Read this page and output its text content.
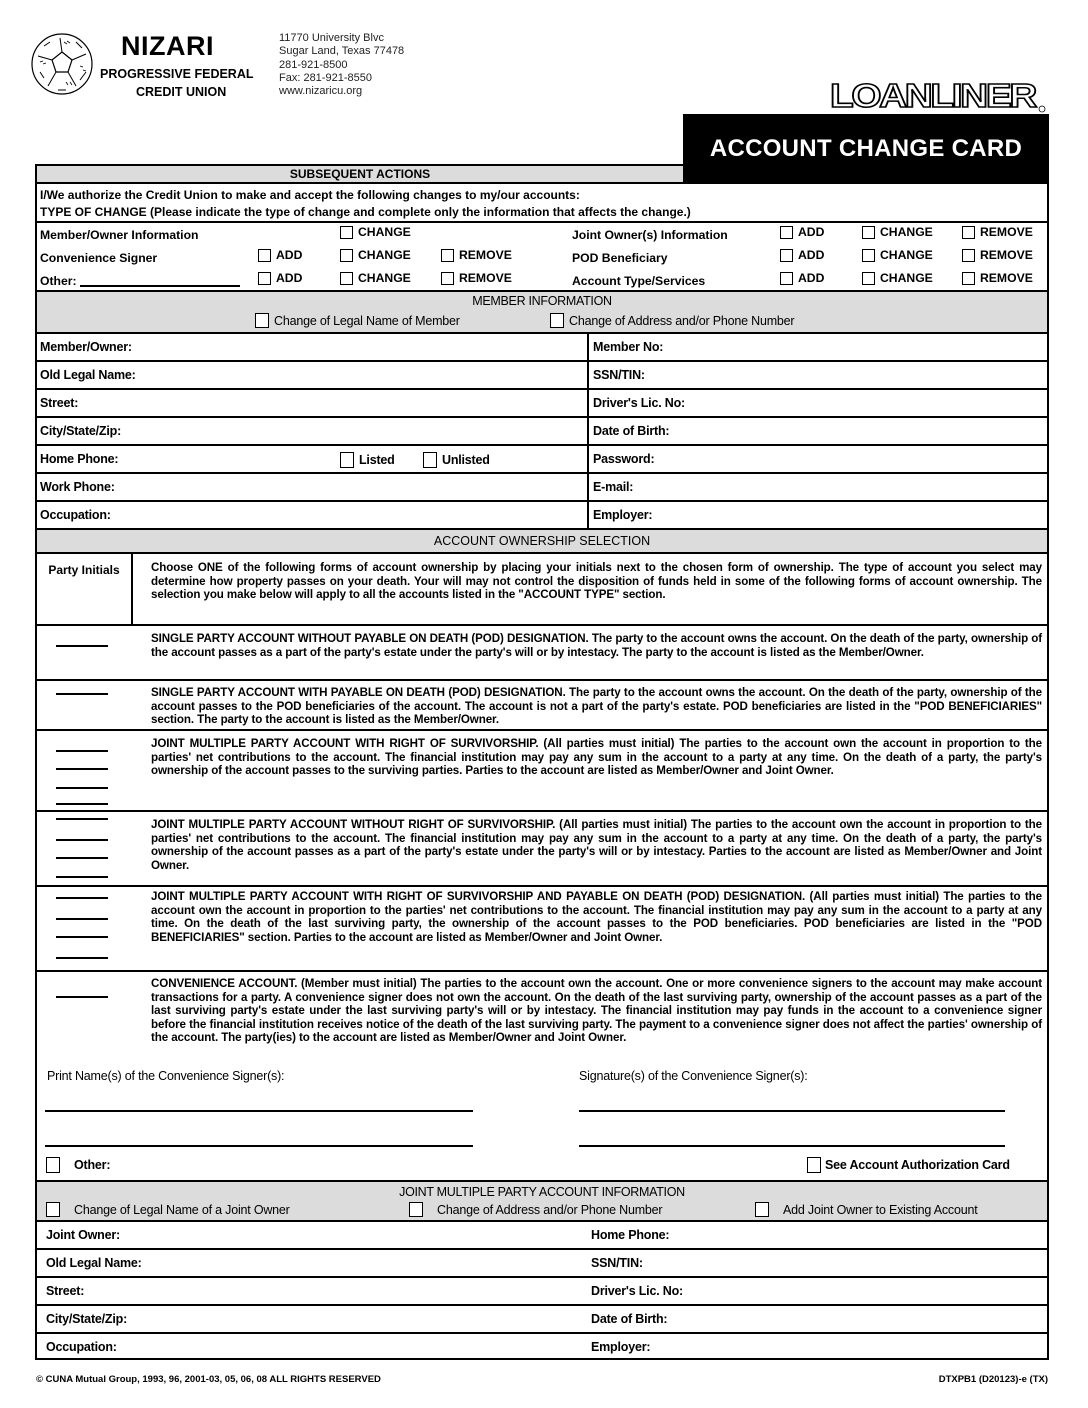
NIZARI
PROGRESSIVE FEDERAL
CREDIT UNION
11770 University Blvc
Sugar Land, Texas 77478
281-921-8500
Fax: 281-921-8550
www.nizaricu.org	LOANLINER
ACCOUNT CHANGE CARD
SUBSEQUENT ACTIONS
I/We authorize the Credit Union to make and accept the following changes to my/our accounts:
TYPE OF CHANGE (Please indicate the type of change and complete only the information that affects the change.)
Member/Owner Information	CHANGE
Convenience Signer	ADD	CHANGE	REMOVE
Other:	ADD	CHANGE	REMOVE
Joint Owner(s) Information	ADD	CHANGE	REMOVE
POD Beneficiary	ADD	CHANGE	REMOVE
Account Type/Services	ADD	CHANGE	REMOVE
MEMBER INFORMATION
Change of Legal Name of Member	Change of Address and/or Phone Number
Member/Owner:	Member No:
Old Legal Name:	SSN/TIN:
Street:	Driver's Lic. No:
City/State/Zip:	Date of Birth:
Home Phone:	Password:
Work Phone:	E-mail:
Occupation:	Employer:
Listed	Unlisted
ACCOUNT OWNERSHIP SELECTION
Party Initials	Choose ONE of the following forms of account ownership by placing your initials next to the chosen form of ownership. The type of account you select may determine how property passes on your death. Your will may not control the disposition of funds held in some of the following forms of account ownership. The selection you make below will apply to all the accounts listed in the "ACCOUNT TYPE" section.
SINGLE PARTY ACCOUNT WITHOUT PAYABLE ON DEATH (POD) DESIGNATION. The party to the account owns the account. On the death of the party, ownership of the account passes as a part of the party's estate under the party's will or by intestacy. The party to the account is listed as the Member/Owner.
SINGLE PARTY ACCOUNT WITH PAYABLE ON DEATH (POD) DESIGNATION. The party to the account owns the account. On the death of the party, ownership of the account passes to the POD beneficiaries of the account. The account is not a part of the party's estate. POD beneficiaries are listed in the "POD BENEFICIARIES" section. The party to the account is listed as the Member/Owner.
JOINT MULTIPLE PARTY ACCOUNT WITH RIGHT OF SURVIVORSHIP. (All parties must initial) The parties to the account own the account in proportion to the parties' net contributions to the account. The financial institution may pay any sum in the account to a party at any time. On the death of a party, the party's ownership of the account passes to the surviving parties. Parties to the account are listed as Member/Owner and Joint Owner.
JOINT MULTIPLE PARTY ACCOUNT WITHOUT RIGHT OF SURVIVORSHIP. (All parties must initial) The parties to the account own the account in proportion to the parties' net contributions to the account. The financial institution may pay any sum in the account to a party at any time. On the death of a party, the party's ownership of the account passes as a part of the party's estate under the party's will or by intestacy. Parties to the account are listed as Member/Owner and Joint Owner.
JOINT MULTIPLE PARTY ACCOUNT WITH RIGHT OF SURVIVORSHIP AND PAYABLE ON DEATH (POD) DESIGNATION. (All parties must initial) The parties to the account own the account in proportion to the parties' net contributions to the account. The financial institution may pay any sum in the account to a party at any time. On the death of the last surviving party, the ownership of the account passes to the POD beneficiaries. POD beneficiaries are listed in the "POD BENEFICIARIES" section. Parties to the account are listed as Member/Owner and Joint Owner.
CONVENIENCE ACCOUNT. (Member must initial) The parties to the account own the account. One or more convenience signers to the account may make account transactions for a party. A convenience signer does not own the account. On the death of the last surviving party, ownership of the account passes as a part of the last surviving party's estate under the last surviving party's will or by intestacy. The financial institution may pay funds in the account to a convenience signer before the financial institution receives notice of the death of the last surviving party. The payment to a convenience signer does not affect the parties' ownership of the account. The party(ies) to the account are listed as Member/Owner and Joint Owner.
Print Name(s) of the Convenience Signer(s):	Signature(s) of the Convenience Signer(s):
Other:	See Account Authorization Card
JOINT MULTIPLE PARTY ACCOUNT INFORMATION
Change of Legal Name of a Joint Owner	Change of Address and/or Phone Number	Add Joint Owner to Existing Account
Joint Owner:	Home Phone:
Old Legal Name:	SSN/TIN:
Street:	Driver's Lic. No:
City/State/Zip:	Date of Birth:
Occupation:	Employer:
© CUNA Mutual Group, 1993, 96, 2001-03, 05, 06, 08 ALL RIGHTS RESERVED	DTXPB1 (D20123)-e (TX)
